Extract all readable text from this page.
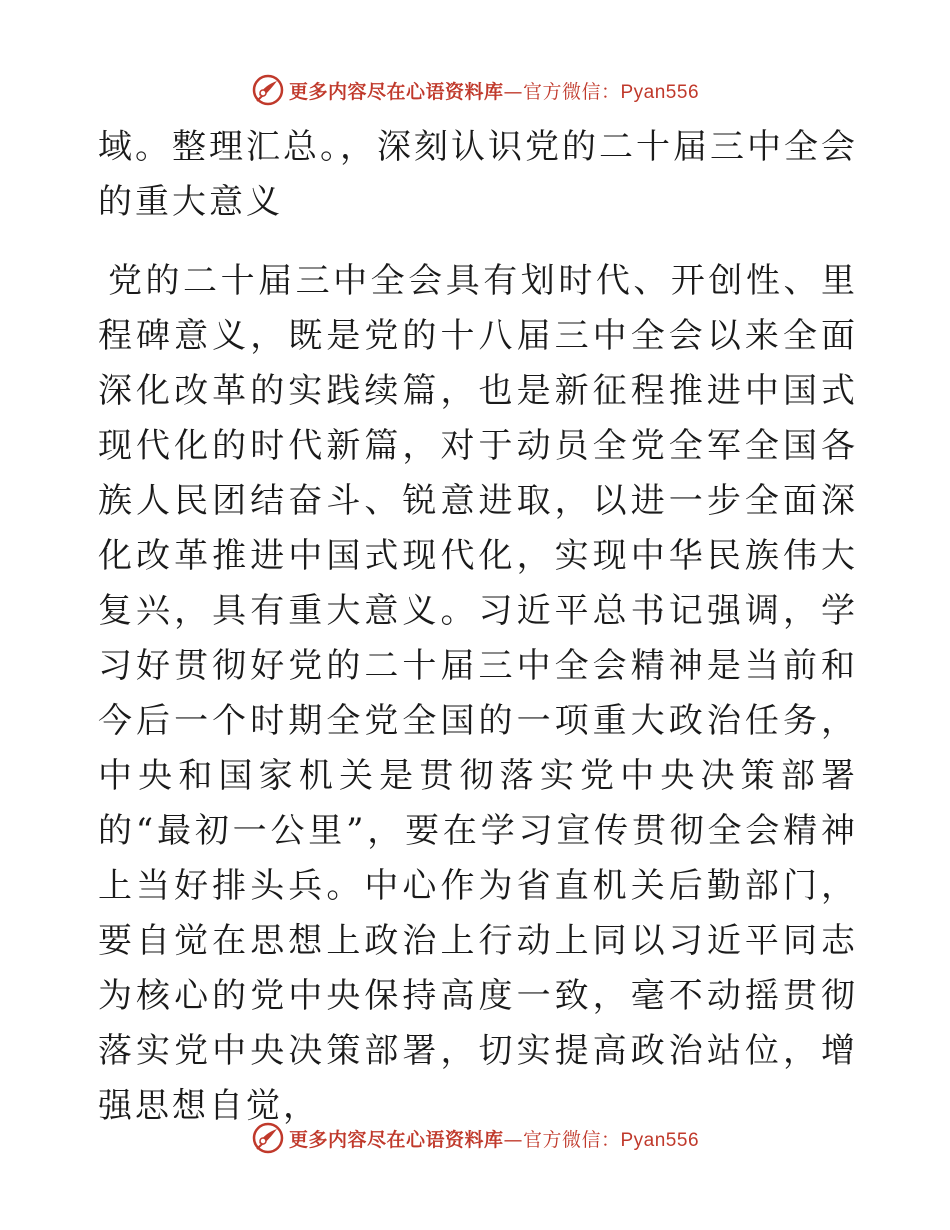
更多内容尽在心语资料库—官方微信：Pyan556

域。整理汇总。，深刻认识党的二十届三中全会的重大意义

党的二十届三中全会具有划时代、开创性、里程碑意义，既是党的十八届三中全会以来全面深化改革的实践续篇，也是新征程推进中国式现代化的时代新篇，对于动员全党全军全国各族人民团结奋斗、锐意进取，以进一步全面深化改革推进中国式现代化，实现中华民族伟大复兴，具有重大意义。习近平总书记强调，学习好贯彻好党的二十届三中全会精神是当前和今后一个时期全党全国的一项重大政治任务，中央和国家机关是贯彻落实党中央决策部署的“最初一公里”，要在学习宣传贯彻全会精神上当好排头兵。中心作为省直机关后勤部门，要自觉在思想上政治上行动上同以习近平同志为核心的党中央保持高度一致，毫不动摇贯彻落实党中央决策部署，切实提高政治站位，增强思想自觉，

更多内容尽在心语资料库—官方微信：Pyan556
